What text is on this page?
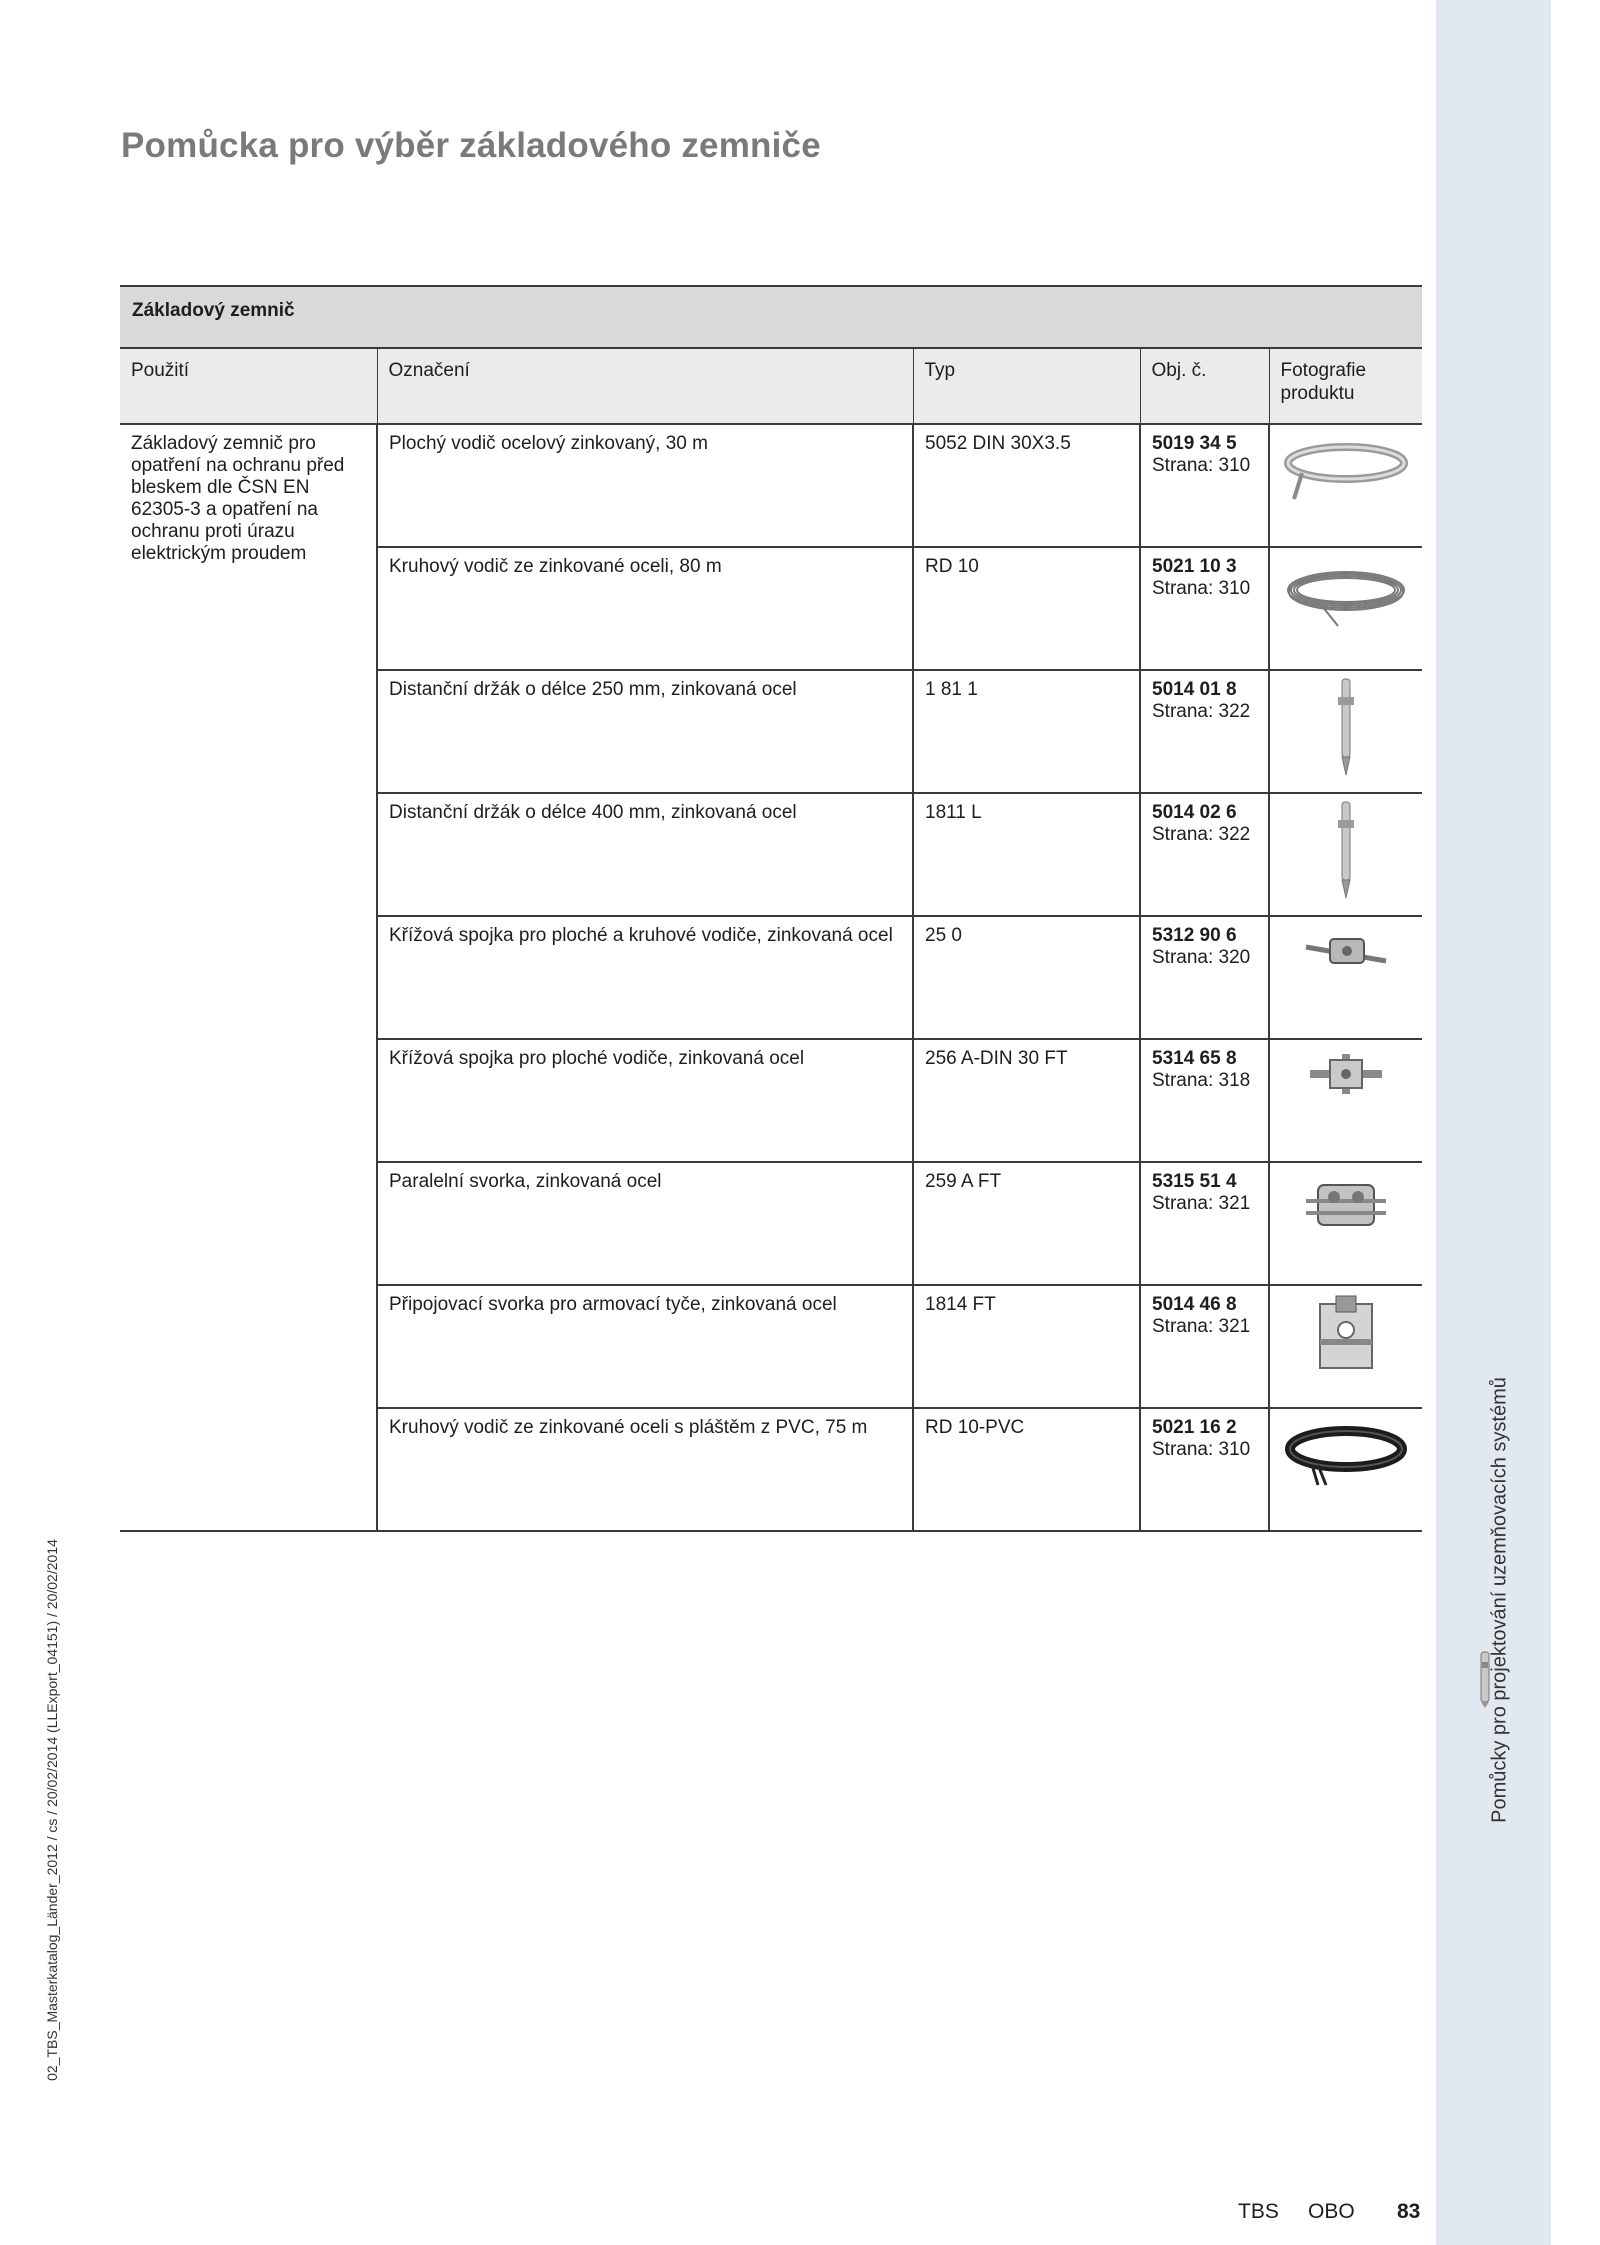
Pomůcka pro výběr základového zemniče
Základový zemnič				
Použití	Označení	Typ	Obj. č.	Fotografie produktu
Základový zemnič pro opatření na ochranu před bleskem dle ČSN EN 62305-3 a opatření na ochranu proti úrazu elektrickým proudem	Plochý vodič ocelový zinkovaný, 30 m	5052 DIN 30X3.5	5019 34 5
Strana: 310

	Kruhový vodič ze zinkované oceli, 80 m	RD 10	5021 10 3
Strana: 310

	Distanční držák o délce 250 mm, zinkovaná ocel	1 81 1	5014 01 8
Strana: 322

	Distanční držák o délce 400 mm, zinkovaná ocel	1811 L	5014 02 6
Strana: 322

	Křížová spojka pro ploché a kruhové vodiče, zinkovaná ocel	25 0	5312 90 6
Strana: 320

	Křížová spojka pro ploché vodiče, zinkovaná ocel	256 A-DIN 30 FT	5314 65 8
Strana: 318

	Paralelní svorka, zinkovaná ocel	259 A FT	5315 51 4
Strana: 321

	Připojovací svorka pro armovací tyče, zinkovaná ocel	1814 FT	5014 46 8
Strana: 321

	Kruhový vodič ze zinkované oceli s pláštěm z PVC, 75 m	RD 10-PVC	5021 16 2
Strana: 310
		Pomůcky pro projektování uzemňovacích systémů
02_TBS_Masterkatalog_Länder_2012 / cs / 20/02/2014 (LLExport_04151) / 20/02/2014
TBS OBO 83
